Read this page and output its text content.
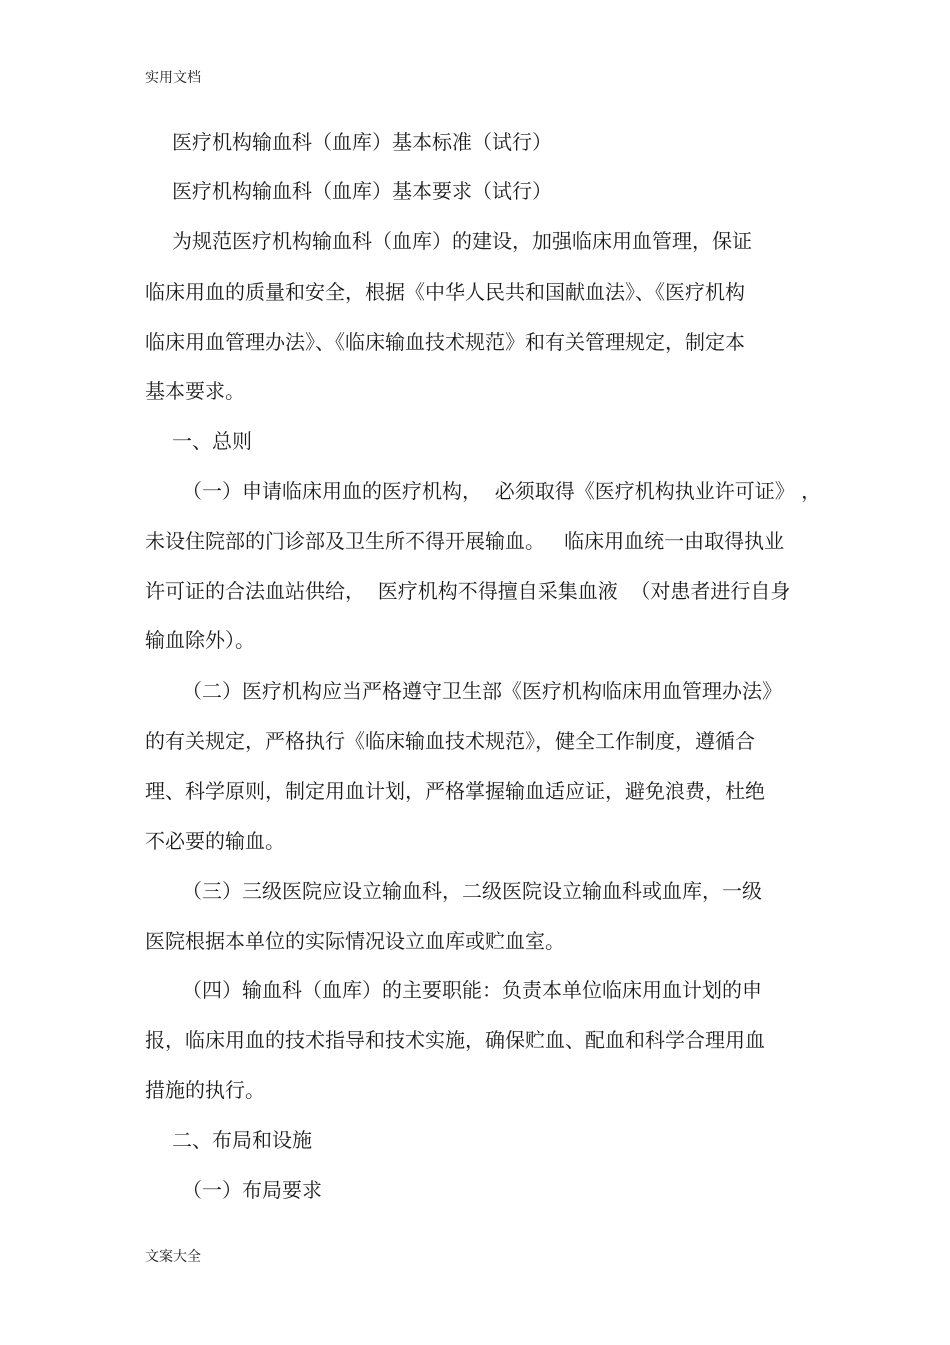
实用文档
医疗机构输血科（血库）基本标准（试行）
医疗机构输血科（血库）基本要求（试行）
为规范医疗机构输血科（血库）的建设，加强临床用血管理，保证
临床用血的质量和安全，根据《中华人民共和国献血法》、《医疗机构
临床用血管理办法》、《临床输血技术规范》和有关管理规定，制定本
基本要求。
一、总则
（一）申请临床用血的医疗机构，  必须取得《医疗机构执业许可证》 ，
未设住院部的门诊部及卫生所不得开展输血。   临床用血统一由取得执业
许可证的合法血站供给，  医疗机构不得擅自采集血液  （对患者进行自身
输血除外）。
（二）医疗机构应当严格遵守卫生部《医疗机构临床用血管理办法》
的有关规定，严格执行《临床输血技术规范》，健全工作制度，遵循合
理、科学原则，制定用血计划，严格掌握输血适应证，避免浪费，杜绝
不必要的输血。
（三）三级医院应设立输血科，二级医院设立输血科或血库，一级
医院根据本单位的实际情况设立血库或贮血室。
（四）输血科（血库）的主要职能：负责本单位临床用血计划的申
报，临床用血的技术指导和技术实施，确保贮血、配血和科学合理用血
措施的执行。
二、布局和设施
（一）布局要求
文案大全
